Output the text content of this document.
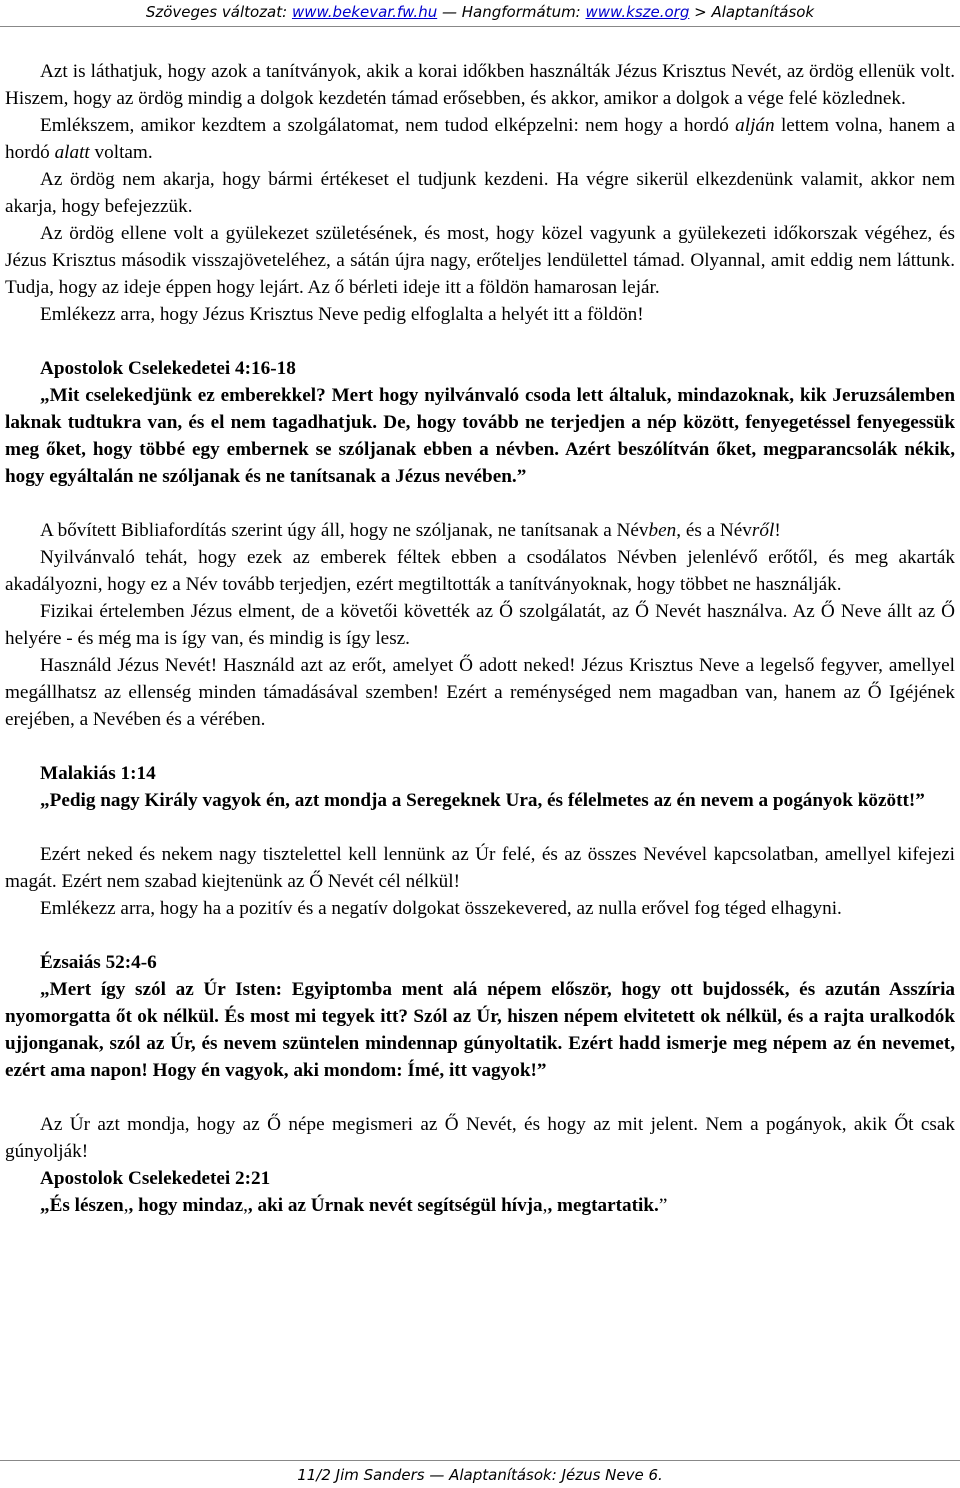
Szöveges változat: www.bekevar.fw.hu — Hangformátum: www.ksze.org > Alaptanítások

Azt is láthatjuk, hogy azok a tanítványok, akik a korai időkben használták Jézus Krisztus Nevét, az ördög ellenük volt. Hiszem, hogy az ördög mindig a dolgok kezdetén támad erősebben, és akkor, amikor a dolgok a vége felé közlednek.

Emlékszem, amikor kezdtem a szolgálatomat, nem tudod elképzelni: nem hogy a hordó alján lettem volna, hanem a hordó alatt voltam.

Az ördög nem akarja, hogy bármi értékeset el tudjunk kezdeni. Ha végre sikerül elkezdenünk valamit, akkor nem akarja, hogy befejezzük.

Az ördög ellene volt a gyülekezet születésének, és most, hogy közel vagyunk a gyülekezeti időkorszak végéhez, és Jézus Krisztus második visszajöveteléhez, a sátán újra nagy, erőteljes lendülettel támad. Olyannal, amit eddig nem láttunk. Tudja, hogy az ideje éppen hogy lejárt. Az ő bérleti ideje itt a földön hamarosan lejár.

Emlékezz arra, hogy Jézus Krisztus Neve pedig elfoglalta a helyét itt a földön!

Apostolok Cselekedetei 4:16-18
„Mit cselekedjünk ez emberekkel? Mert hogy nyilvánvaló csoda lett általuk, mindazoknak, kik Jeruzsálemben laknak tudtukra van, és el nem tagadhatjuk. De, hogy tovább ne terjedjen a nép között, fenyegetéssel fenyegessük meg őket, hogy többé egy embernek se szóljanak ebben a névben. Azért beszólítván őket, megparancsolák nékik, hogy egyáltalán ne szóljanak és ne tanítsanak a Jézus nevében.”

A bővített Bibliafordítás szerint úgy áll, hogy ne szóljanak, ne tanítsanak a Névben, és a Névről!

Nyilvánvaló tehát, hogy ezek az emberek féltek ebben a csodálatos Névben jelenlévő erőtől, és meg akarták akadályozni, hogy ez a Név tovább terjedjen, ezért megtiltották a tanítványoknak, hogy többet ne használják.

Fizikai értelemben Jézus elment, de a követői követték az Ő szolgálatát, az Ő Nevét használva. Az Ő Neve állt az Ő helyére - és még ma is így van, és mindig is így lesz.

Használd Jézus Nevét! Használd azt az erőt, amelyet Ő adott neked! Jézus Krisztus Neve a legelső fegyver, amellyel megállhatsz az ellenség minden támadásával szemben! Ezért a reménységed nem magadban van, hanem az Ő Igéjének erejében, a Nevében és a vérében.

Malakiás 1:14
„Pedig nagy Király vagyok én, azt mondja a Seregeknek Ura, és félelmetes az én nevem a pogányok között!”

Ezért neked és nekem nagy tisztelettel kell lennünk az Úr felé, és az összes Nevével kapcsolatban, amellyel kifejezi magát. Ezért nem szabad kiejtenünk az Ő Nevét cél nélkül!

Emlékezz arra, hogy ha a pozitív és a negatív dolgokat összekevered, az nulla erővel fog téged elhagyni.

Ézsaiás 52:4-6
„Mert így szól az Úr Isten: Egyiptomba ment alá népem először, hogy ott bujdossék, és azután Asszíria nyomorgatta őt ok nélkül. És most mi tegyek itt? Szól az Úr, hiszen népem elvitetett ok nélkül, és a rajta uralkodók ujjonganak, szól az Úr, és nevem szüntelen mindennap gúnyoltatik. Ezért hadd ismerje meg népem az én nevemet, ezért ama napon! Hogy én vagyok, aki mondom: Ímé, itt vagyok!”

Az Úr azt mondja, hogy az Ő népe megismeri az Ő Nevét, és hogy az mit jelent. Nem a pogányok, akik Őt csak gúnyolják!

Apostolok Cselekedetei 2:21
„És lészen,, hogy mindaz,, aki az Úrnak nevét segítségül hívja,, megtartatik.”
11/2 Jim Sanders — Alaptanítások: Jézus Neve 6.
